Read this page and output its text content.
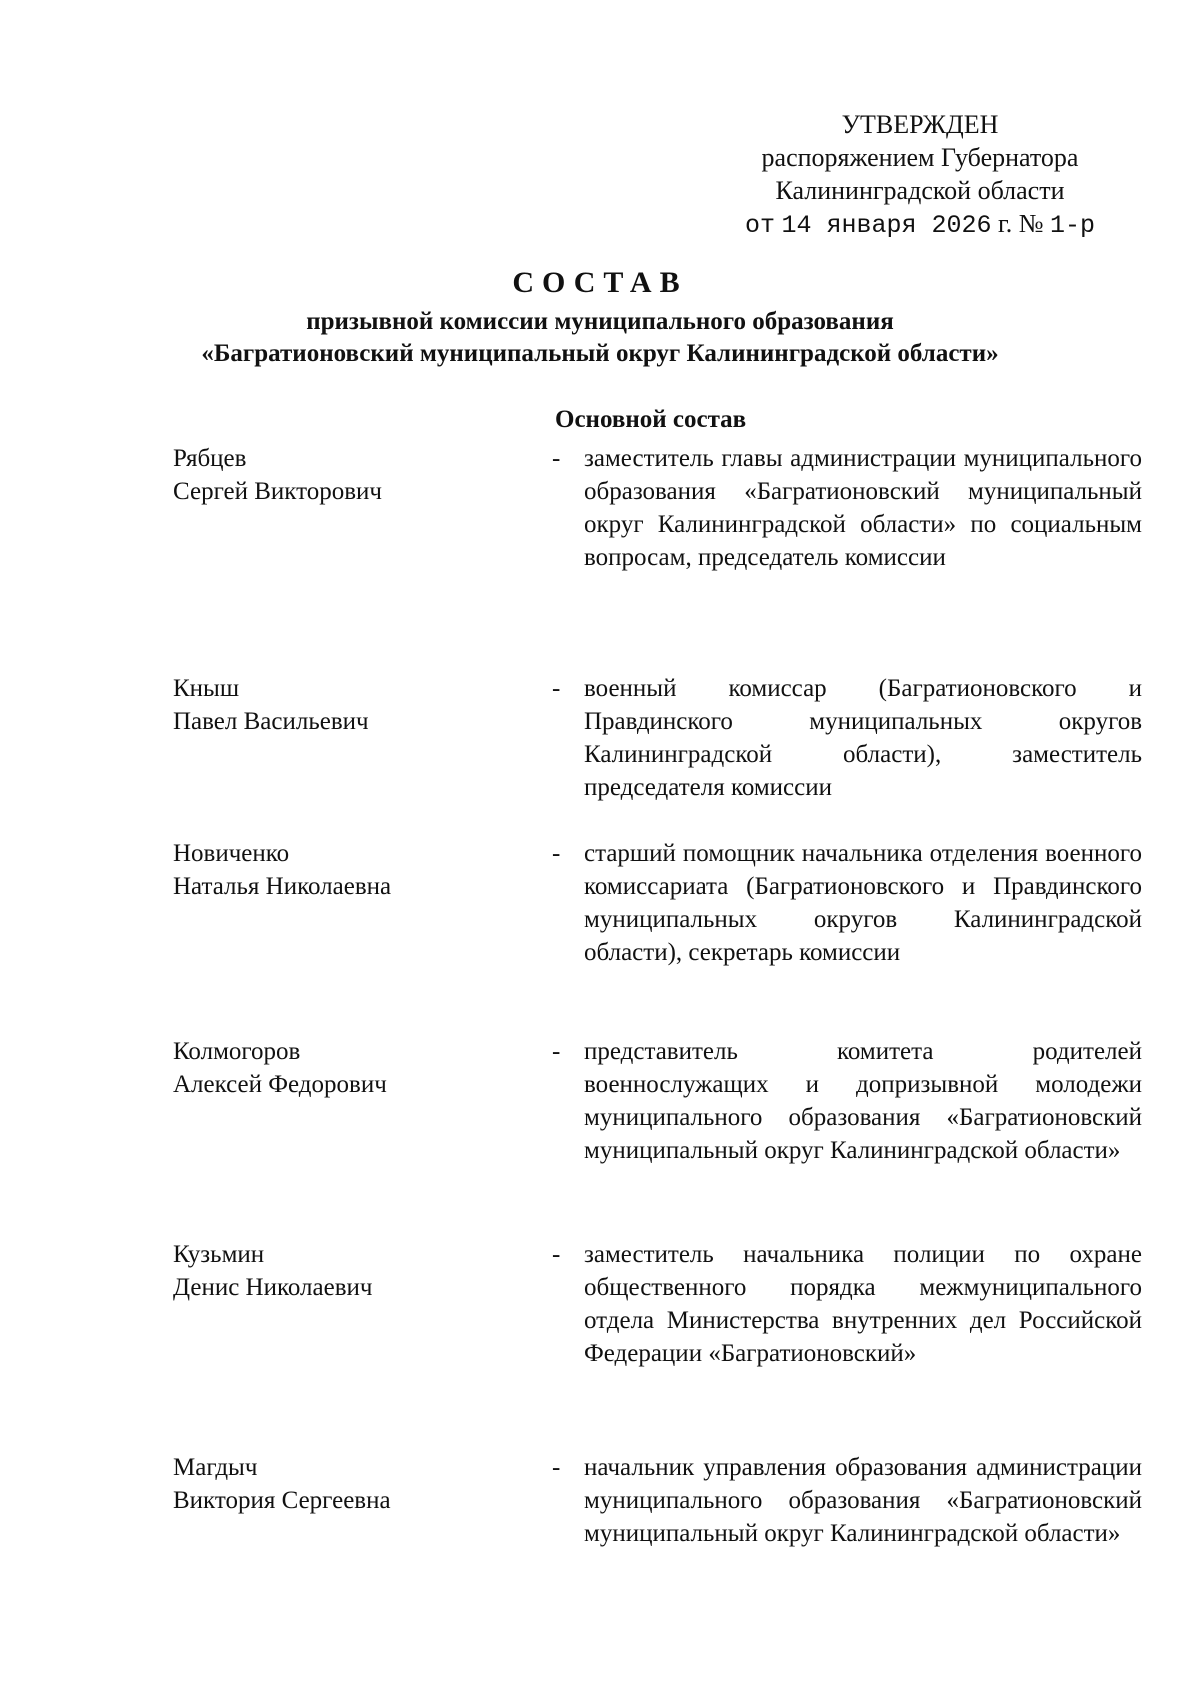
УТВЕРЖДЕН
распоряжением Губернатора
Калининградской области
от 14 января 2026 г. № 1-р
СОСТАВ
призывной комиссии муниципального образования
«Багратионовский муниципальный округ Калининградской области»
Основной состав
Рябцев
Сергей Викторович
- заместитель главы администрации муниципального образования «Багратионовский муниципальный округ Калининградской области» по социальным вопросам, председатель комиссии
Кныш
Павел Васильевич
- военный комиссар (Багратионовского и Правдинского муниципальных округов Калининградской области), заместитель председателя комиссии
Новиченко
Наталья Николаевна
- старший помощник начальника отделения военного комиссариата (Багратионовского и Правдинского муниципальных округов Калининградской области), секретарь комиссии
Колмогоров
Алексей Федорович
- представитель комитета родителей военнослужащих и допризывной молодежи муниципального образования «Багратионовский муниципальный округ Калининградской области»
Кузьмин
Денис Николаевич
- заместитель начальника полиции по охране общественного порядка межмуниципального отдела Министерства внутренних дел Российской Федерации «Багратионовский»
Магдыч
Виктория Сергеевна
- начальник управления образования администрации муниципального образования «Багратионовский муниципальный округ Калининградской области»
